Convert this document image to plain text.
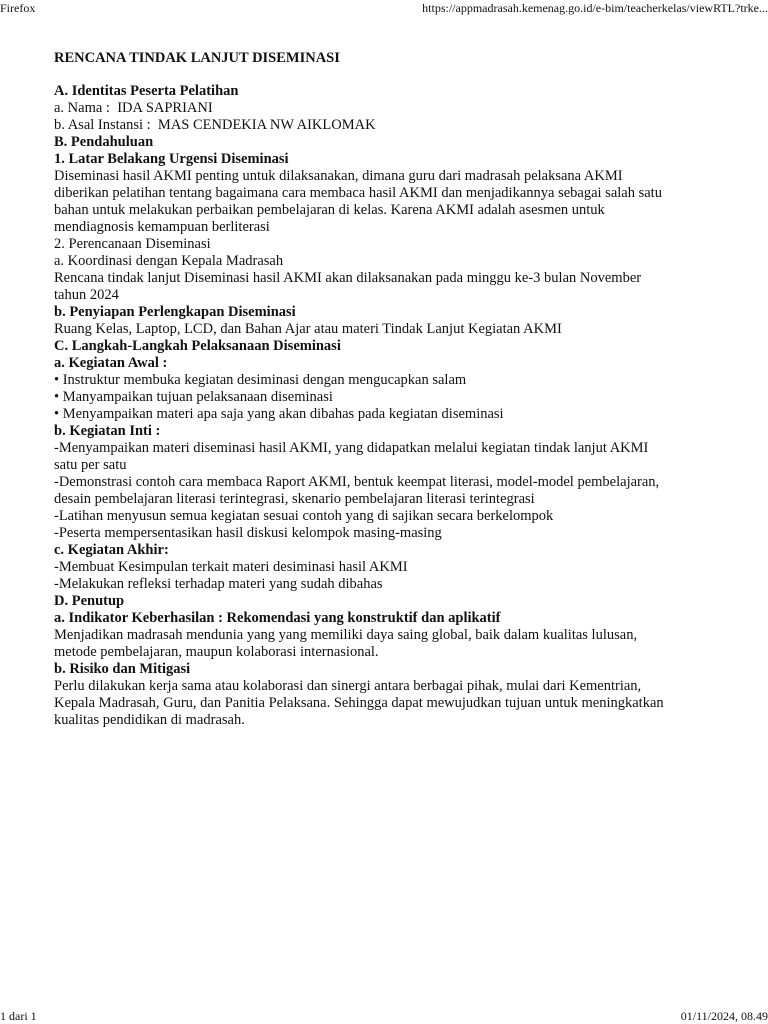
Firefox	https://appmadrasah.kemenag.go.id/e-bim/teacherkelas/viewRTL?trke...

RENCANA TINDAK LANJUT DISEMINASI

A. Identitas Peserta Pelatihan

a. Nama : IDA SAPRIANI

b. Asal Instansi : MAS CENDEKIA NW AIKLOMAK

B. Pendahuluan

1. Latar Belakang Urgensi Diseminasi

Diseminasi hasil AKMI penting untuk dilaksanakan, dimana guru dari madrasah pelaksana AKMI

diberikan pelatihan tentang bagaimana cara membaca hasil AKMI dan menjadikannya sebagai salah satu

bahan untuk melakukan perbaikan pembelajaran di kelas. Karena AKMI adalah asesmen untuk

mendiagnosis kemampuan berliterasi

2. Perencanaan Diseminasi

a. Koordinasi dengan Kepala Madrasah

Rencana tindak lanjut Diseminasi hasil AKMI akan dilaksanakan pada minggu ke-3 bulan November

tahun 2024

b. Penyiapan Perlengkapan Diseminasi

Ruang Kelas, Laptop, LCD, dan Bahan Ajar atau materi Tindak Lanjut Kegiatan AKMI

C. Langkah-Langkah Pelaksanaan Diseminasi

a. Kegiatan Awal :

• Instruktur membuka kegiatan desiminasi dengan mengucapkan salam

• Manyampaikan tujuan pelaksanaan diseminasi

• Menyampaikan materi apa saja yang akan dibahas pada kegiatan diseminasi

b. Kegiatan Inti :

-Menyampaikan materi diseminasi hasil AKMI, yang didapatkan melalui kegiatan tindak lanjut AKMI

satu per satu

-Demonstrasi contoh cara membaca Raport AKMI, bentuk keempat literasi, model-model pembelajaran,

desain pembelajaran literasi terintegrasi, skenario pembelajaran literasi terintegrasi

-Latihan menyusun semua kegiatan sesuai contoh yang di sajikan secara berkelompok

-Peserta mempersentasikan hasil diskusi kelompok masing-masing

c. Kegiatan Akhir:

-Membuat Kesimpulan terkait materi desiminasi hasil AKMI

-Melakukan refleksi terhadap materi yang sudah dibahas

D. Penutup

a. Indikator Keberhasilan : Rekomendasi yang konstruktif dan aplikatif

Menjadikan madrasah mendunia yang yang memiliki daya saing global, baik dalam kualitas lulusan,

metode pembelajaran, maupun kolaborasi internasional.

b. Risiko dan Mitigasi

Perlu dilakukan kerja sama atau kolaborasi dan sinergi antara berbagai pihak, mulai dari Kementrian,

Kepala Madrasah, Guru, dan Panitia Pelaksana. Sehingga dapat mewujudkan tujuan untuk meningkatkan

kualitas pendidikan di madrasah.

1 dari 1	01/11/2024, 08.49
